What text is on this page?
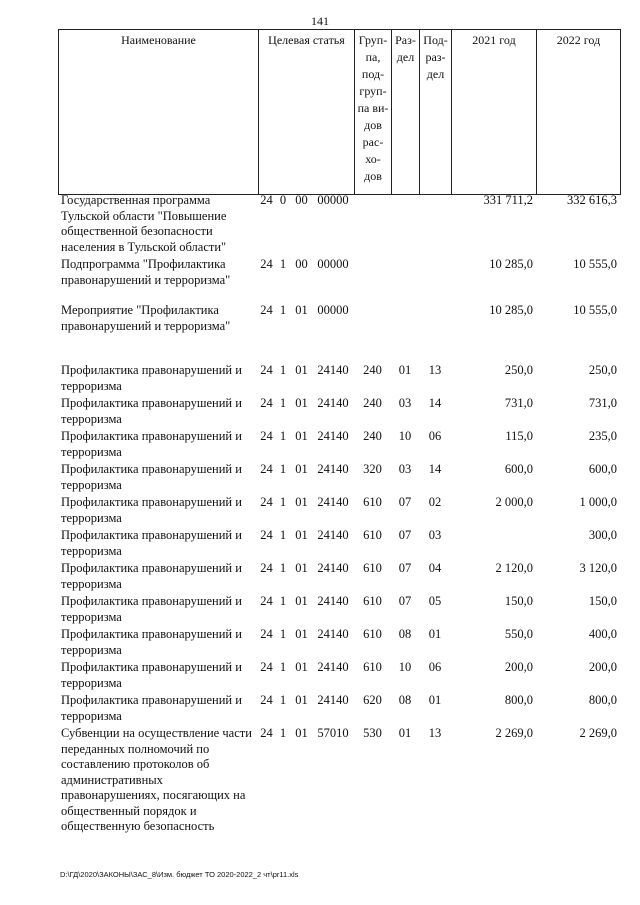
141
Наименование	Целевая статья	Груп-
па,
под-
груп-
па ви-
дов
рас-
хо-
дов	Раз-
дел	Под-
раз-
дел	2021 год	2022 год
Государственная программа Тульской области "Повышение общественной безопасности населения в Тульской области"	24	0	00	00000				331 711,2	332 616,3
Подпрограмма "Профилактика правонарушений и терроризма"	24	1	00	00000				10 285,0	10 555,0
Мероприятие "Профилактика правонарушений и терроризма"	24	1	01	00000				10 285,0	10 555,0
Профилактика правонарушений и терроризма	24	1	01	24140	240	01	13	250,0	250,0
Профилактика правонарушений и терроризма	24	1	01	24140	240	03	14	731,0	731,0
Профилактика правонарушений и терроризма	24	1	01	24140	240	10	06	115,0	235,0
Профилактика правонарушений и терроризма	24	1	01	24140	320	03	14	600,0	600,0
Профилактика правонарушений и терроризма	24	1	01	24140	610	07	02	2 000,0	1 000,0
Профилактика правонарушений и терроризма	24	1	01	24140	610	07	03		300,0
Профилактика правонарушений и терроризма	24	1	01	24140	610	07	04	2 120,0	3 120,0
Профилактика правонарушений и терроризма	24	1	01	24140	610	07	05	150,0	150,0
Профилактика правонарушений и терроризма	24	1	01	24140	610	08	01	550,0	400,0
Профилактика правонарушений и терроризма	24	1	01	24140	610	10	06	200,0	200,0
Профилактика правонарушений и терроризма	24	1	01	24140	620	08	01	800,0	800,0
Субвенции на осуществление части переданных полномочий по составлению протоколов об административных правонарушениях, посягающих на общественный порядок и общественную безопасность	24	1	01	57010	530	01	13	2 269,0	2 269,0
D:\ГД\2020\ЗАКОНЫ\ЗАС_8\Изм. бюджет ТО 2020-2022_2 чт\pr11.xls
